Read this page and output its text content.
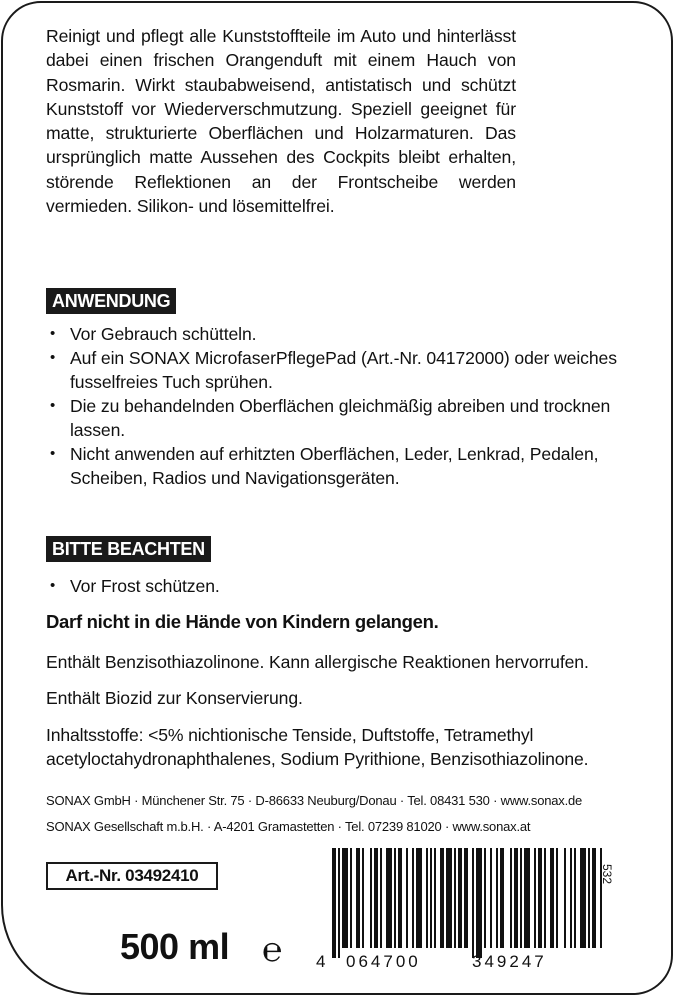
Reinigt und pflegt alle Kunststoffteile im Auto und hinterlässt dabei einen frischen Orangenduft mit einem Hauch von Rosmarin. Wirkt staubabweisend, antistatisch und schützt Kunststoff vor Wiederverschmutzung. Speziell geeignet für matte, strukturierte Oberflächen und Holzarmaturen. Das ursprünglich matte Aussehen des Cockpits bleibt erhalten, störende Reflektionen an der Frontscheibe werden vermieden. Silikon- und lösemittelfrei.
ANWENDUNG
• Vor Gebrauch schütteln.
• Auf ein SONAX MicrofaserPflegePad (Art.-Nr. 04172000) oder weiches fusselfreies Tuch sprühen.
• Die zu behandelnden Oberflächen gleichmäßig abreiben und trocknen lassen.
• Nicht anwenden auf erhitzten Oberflächen, Leder, Lenkrad, Pedalen, Scheiben, Radios und Navigationsgeräten.
BITTE BEACHTEN
• Vor Frost schützen.
Darf nicht in die Hände von Kindern gelangen.
Enthält Benzisothiazolinone. Kann allergische Reaktionen hervorrufen.
Enthält Biozid zur Konservierung.
Inhaltsstoffe: <5% nichtionische Tenside, Duftstoffe, Tetramethyl acetyloctahydronaphthalenes, Sodium Pyrithione, Benzisothiazolinone.
SONAX GmbH · Münchener Str. 75 · D-86633 Neuburg/Donau · Tel. 08431 530 · www.sonax.de
SONAX Gesellschaft m.b.H. · A-4201 Gramastetten · Tel. 07239 81020 · www.sonax.at
Art.-Nr. 03492410
500 ml ℮ 4 064700	349247
532
